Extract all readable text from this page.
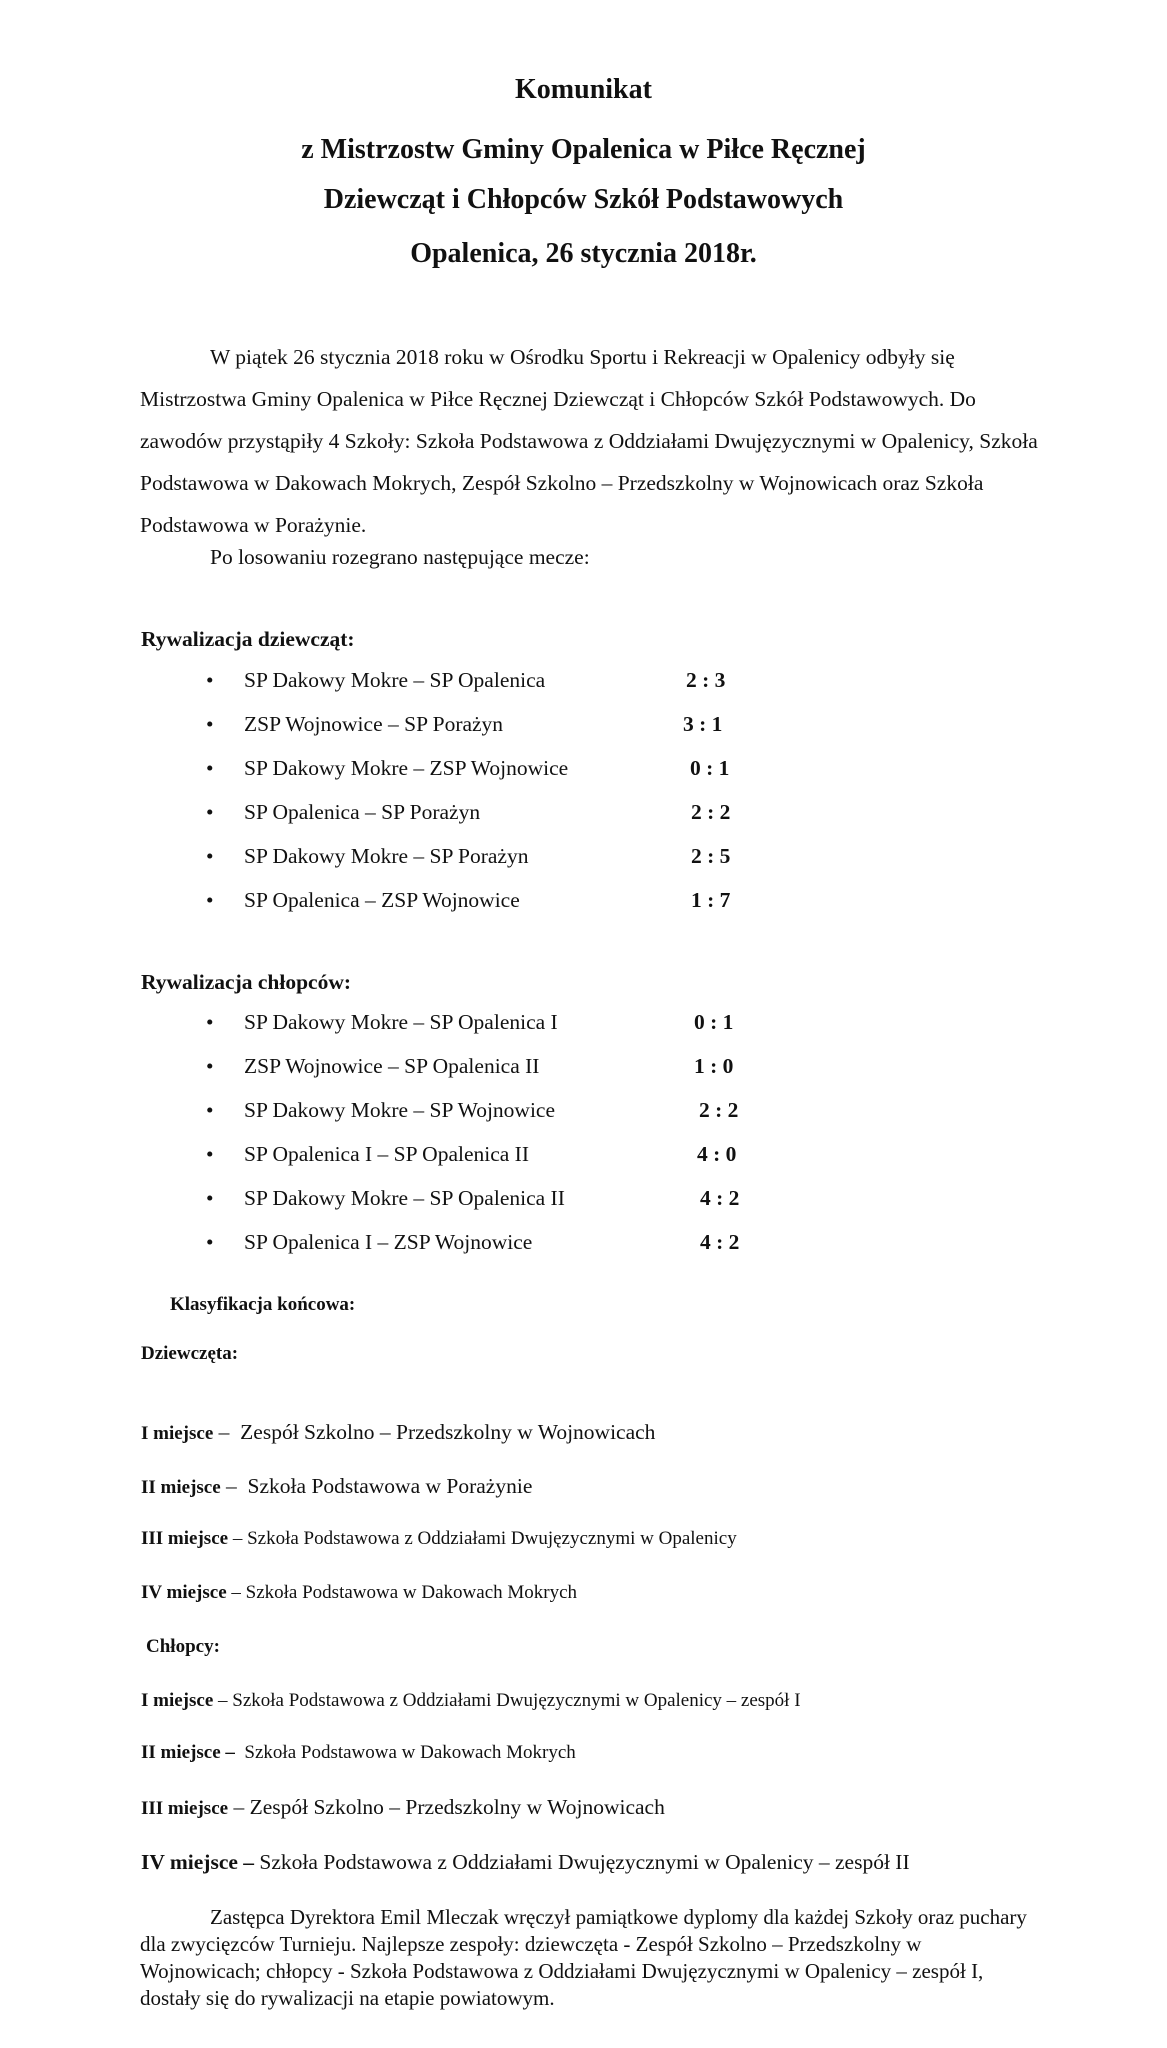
Komunikat
z Mistrzostw Gminy Opalenica w Piłce Ręcznej
Dziewcząt i Chłopców Szkół Podstawowych
Opalenica, 26 stycznia 2018r.

W piątek 26 stycznia 2018 roku w Ośrodku Sportu i Rekreacji w Opalenicy odbyły się Mistrzostwa Gminy Opalenica w Piłce Ręcznej Dziewcząt i Chłopców Szkół Podstawowych. Do zawodów przystąpiły 4 Szkoły: Szkoła Podstawowa z Oddziałami Dwujęzycznymi w Opalenicy, Szkoła Podstawowa w Dakowach Mokrych, Zespół Szkolno – Przedszkolny w Wojnowicach oraz Szkoła Podstawowa w Porażynie.

Po losowaniu rozegrano następujące mecze:
Rywalizacja dziewcząt:
• SP Dakowy Mokre – SP Opalenica	2 : 3
• ZSP Wojnowice – SP Porażyn	3 : 1
• SP Dakowy Mokre – ZSP Wojnowice	0 : 1
• SP Opalenica – SP Porażyn	2 : 2
• SP Dakowy Mokre – SP Porażyn	2 : 5
• SP Opalenica – ZSP Wojnowice	1 : 7
Rywalizacja chłopców:
• SP Dakowy Mokre – SP Opalenica I	0 : 1
• ZSP Wojnowice – SP Opalenica II	1 : 0
• SP Dakowy Mokre – SP Wojnowice	2 : 2
• SP Opalenica I – SP Opalenica II	4 : 0
• SP Dakowy Mokre – SP Opalenica II	4 : 2
• SP Opalenica I – ZSP Wojnowice	4 : 2
Klasyfikacja końcowa:
Dziewczęta:
I miejsce –  Zespół Szkolno – Przedszkolny w Wojnowicach
II miejsce –  Szkoła Podstawowa w Porażynie
III miejsce – Szkoła Podstawowa z Oddziałami Dwujęzycznymi w Opalenicy
IV miejsce – Szkoła Podstawowa w Dakowach Mokrych
Chłopcy:
I miejsce – Szkoła Podstawowa z Oddziałami Dwujęzycznymi w Opalenicy – zespół I
II miejsce – Szkoła Podstawowa w Dakowach Mokrych
III miejsce – Zespół Szkolno – Przedszkolny w Wojnowicach
IV miejsce – Szkoła Podstawowa z Oddziałami Dwujęzycznymi w Opalenicy – zespół II

Zastępca Dyrektora Emil Mleczak wręczył pamiątkowe dyplomy dla każdej Szkoły oraz puchary dla zwycięzców Turnieju. Najlepsze zespoły: dziewczęta - Zespół Szkolno – Przedszkolny w Wojnowicach; chłopcy - Szkoła Podstawowa z Oddziałami Dwujęzycznymi w Opalenicy – zespół I, dostały się do rywalizacji na etapie powiatowym.
